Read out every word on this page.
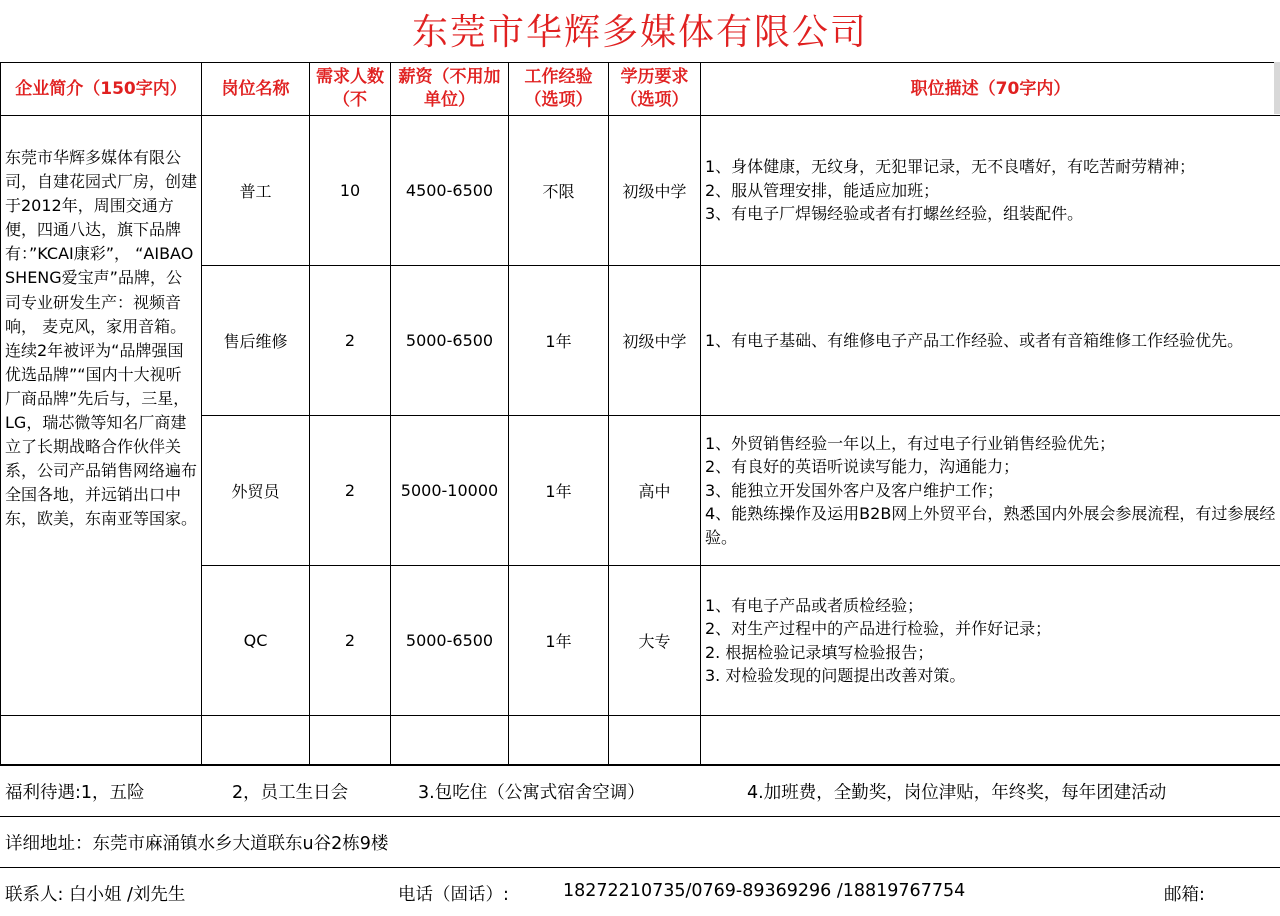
东莞市华辉多媒体有限公司
企业简介（150字内）	岗位名称	需求人数（不	薪资（不用加单位）	工作经验（选项）	学历要求（选项）	职位描述（70字内）
东莞市华辉多媒体有限公司，自建花园式厂房，创建于2012年，周围交通方便，四通八达，旗下品牌有：”KCAI康彩”， “AIBAOSHENG爱宝声”品牌，公司专业研发生产：视频音响， 麦克风，家用音箱。连续2年被评为“品牌强国优选品牌”“国内十大视听厂商品牌”先后与，三星，LG，瑞芯微等知名厂商建立了长期战略合作伙伴关系，公司产品销售网络遍布全国各地，并远销出口中东，欧美，东南亚等国家。	普工	10	4500-6500	不限	初级中学	1、身体健康，无纹身，无犯罪记录，无不良嗜好，有吃苦耐劳精神；
2、服从管理安排，能适应加班；
3、有电子厂焊锡经验或者有打螺丝经验，组装配件。

	售后维修	2	5000-6500	1年	初级中学	1、有电子基础、有维修电子产品工作经验、或者有音箱维修工作经验优先。

	外贸员	2	5000-10000	1年	高中	1、外贸销售经验一年以上，有过电子行业销售经验优先；
2、有良好的英语听说读写能力，沟通能力；
3、能独立开发国外客户及客户维护工作；
4、能熟练操作及运用B2B网上外贸平台，熟悉国内外展会参展流程，有过参展经验。

	QC	2	5000-6500	1年	大专	1、有电子产品或者质检经验；
2、对生产过程中的产品进行检验，并作好记录；
2. 根据检验记录填写检验报告；
3. 对检验发现的问题提出改善对策。

福利待遇:1，五险	2，员工生日会	3.包吃住（公寓式宿舍空调）	4.加班费，全勤奖，岗位津贴，年终奖，每年团建活动
详细地址：东莞市麻涌镇水乡大道联东u谷2栋9楼
联系人: 白小姐 /刘先生	电话（固话）:	18272210735/0769-89369296 /18819767754	邮箱:
